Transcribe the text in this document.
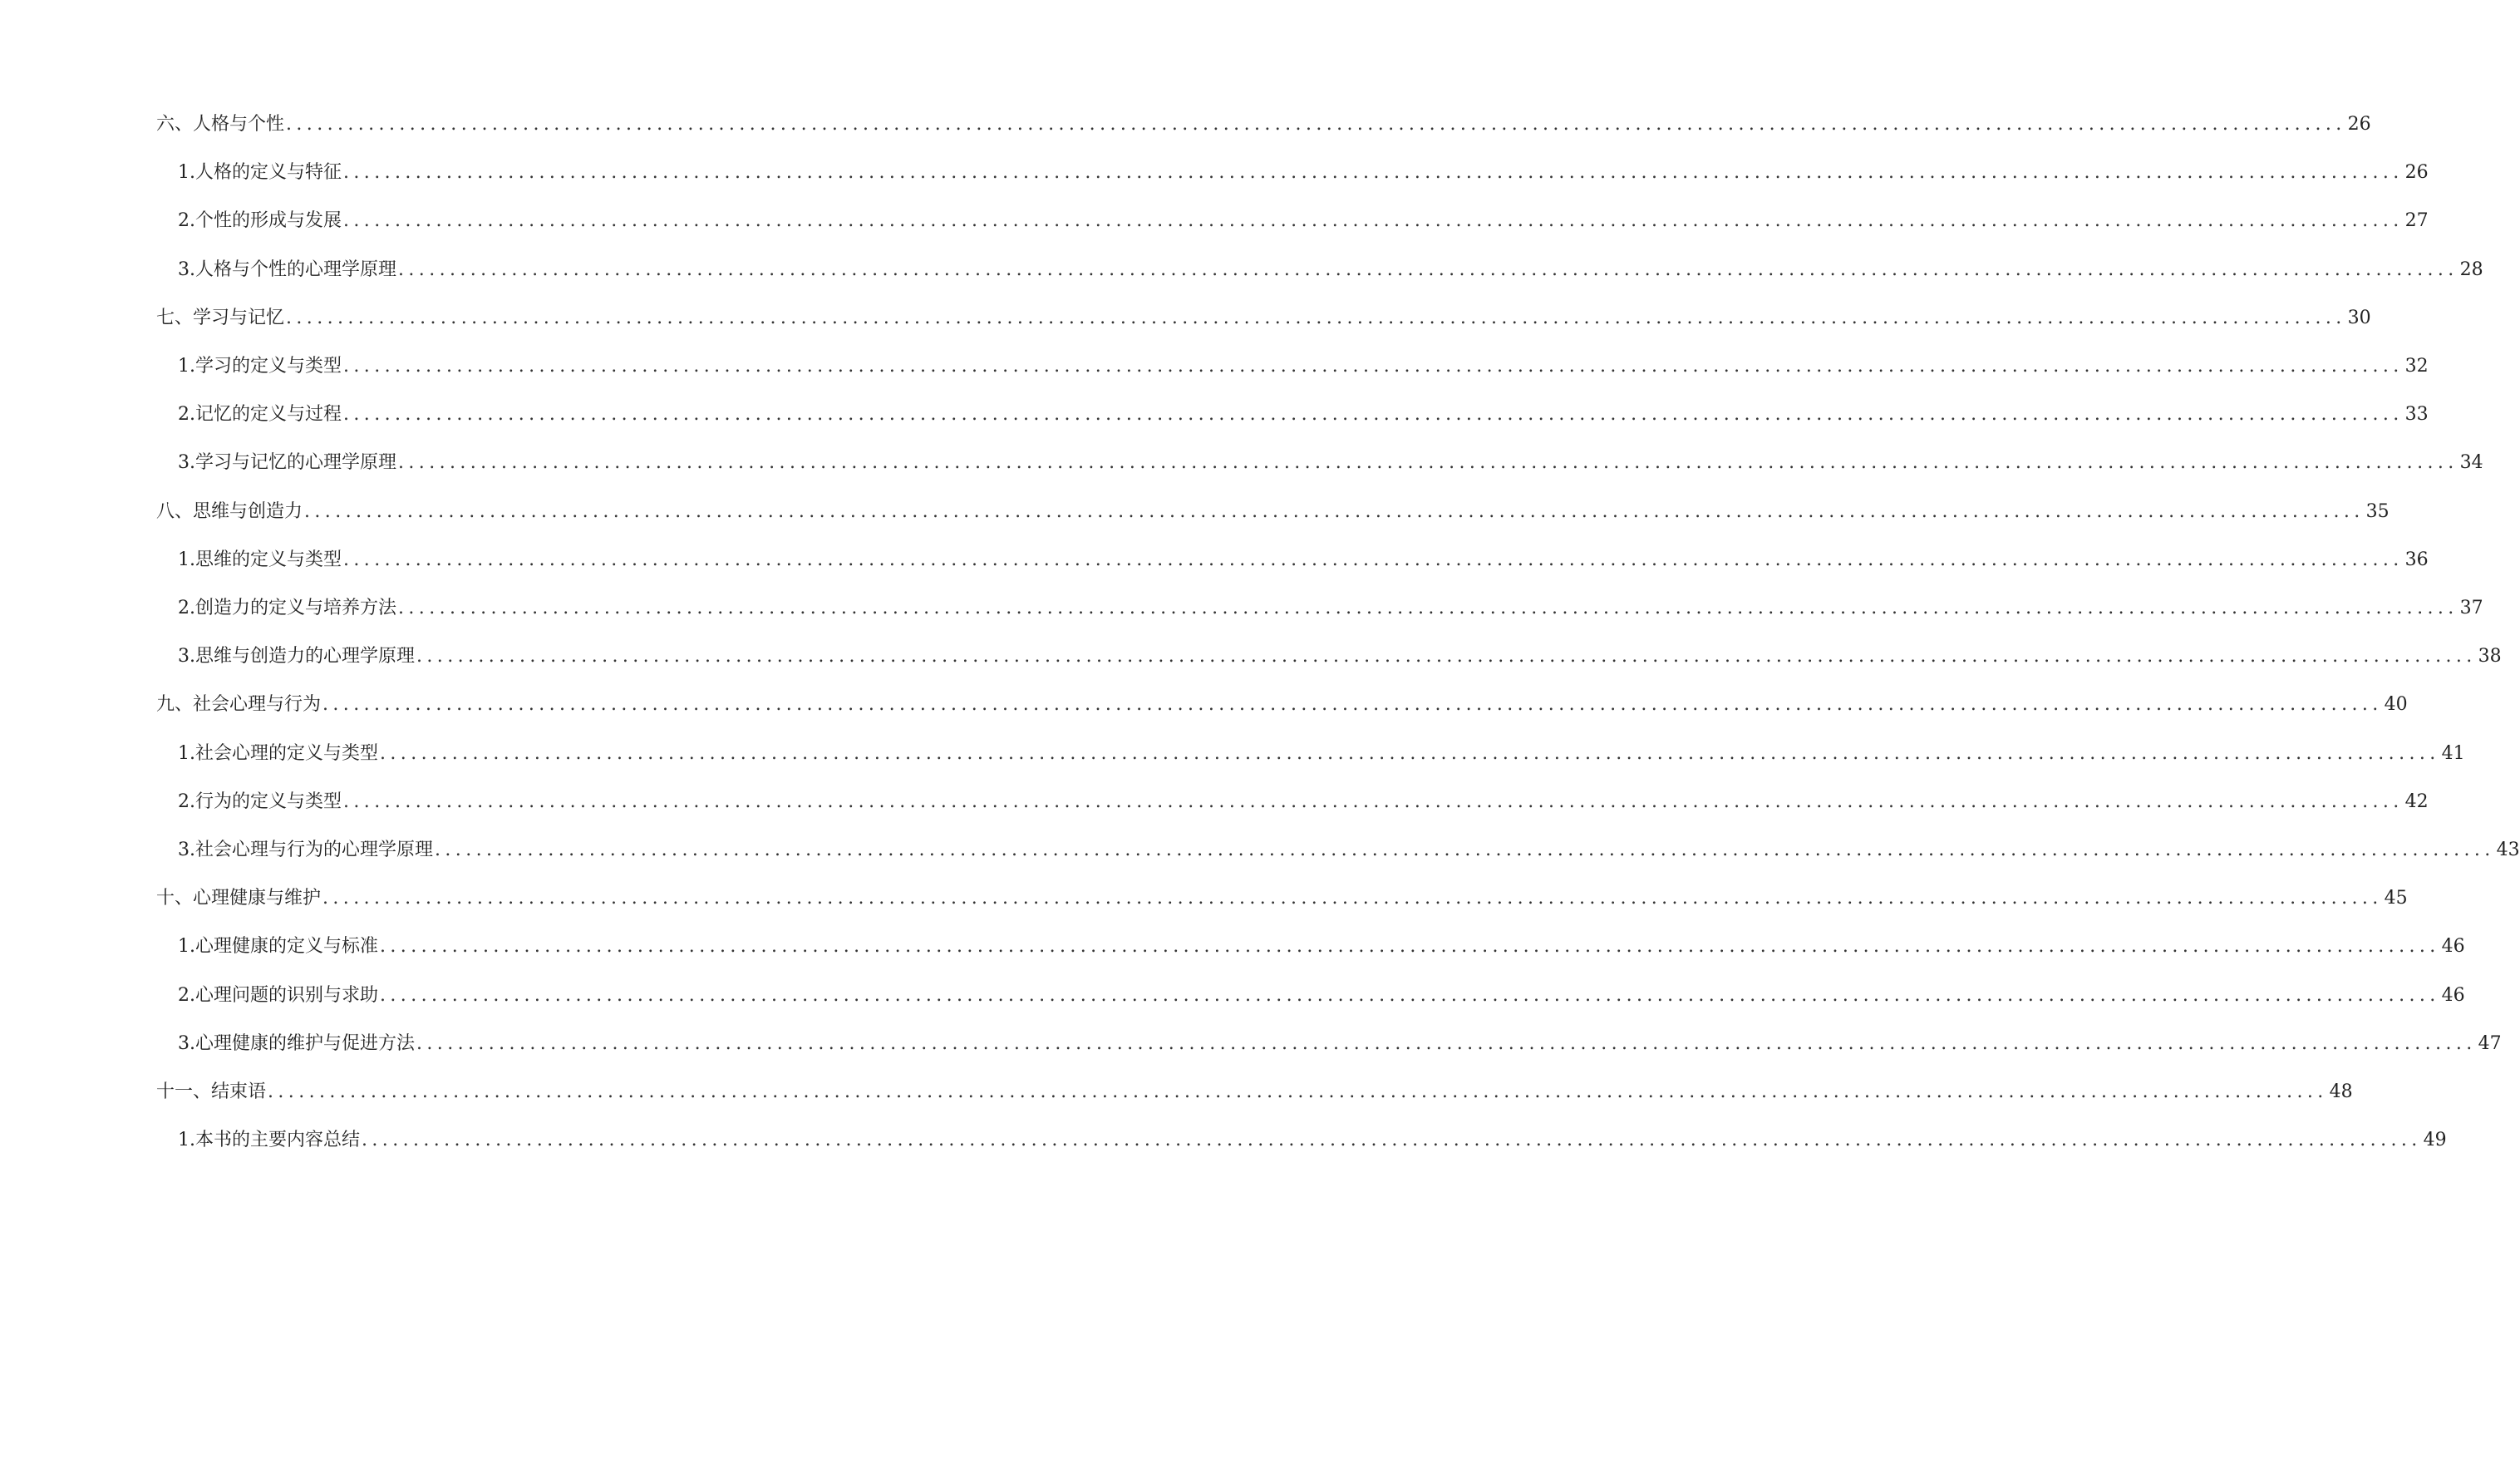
六、人格与个性 ........................................................................................................................................................................................................ 26
1. 人格的定义与特征 ........................................................................................................................................................................................................ 26
2. 个性的形成与发展 ........................................................................................................................................................................................................ 27
3. 人格与个性的心理学原理 ........................................................................................................................................................................................................ 28
七、学习与记忆 ........................................................................................................................................................................................................ 30
1. 学习的定义与类型 ........................................................................................................................................................................................................ 32
2. 记忆的定义与过程 ........................................................................................................................................................................................................ 33
3. 学习与记忆的心理学原理 ........................................................................................................................................................................................................ 34
八、思维与创造力 ........................................................................................................................................................................................................ 35
1. 思维的定义与类型 ........................................................................................................................................................................................................ 36
2. 创造力的定义与培养方法 ........................................................................................................................................................................................................ 37
3. 思维与创造力的心理学原理 ........................................................................................................................................................................................................ 38
九、社会心理与行为 ........................................................................................................................................................................................................ 40
1. 社会心理的定义与类型 ........................................................................................................................................................................................................ 41
2. 行为的定义与类型 ........................................................................................................................................................................................................ 42
3. 社会心理与行为的心理学原理 ........................................................................................................................................................................................................ 43
十、心理健康与维护 ........................................................................................................................................................................................................ 45
1. 心理健康的定义与标准 ........................................................................................................................................................................................................ 46
2. 心理问题的识别与求助 ........................................................................................................................................................................................................ 46
3. 心理健康的维护与促进方法 ........................................................................................................................................................................................................ 47
十一、结束语 ........................................................................................................................................................................................................ 48
1. 本书的主要内容总结 ........................................................................................................................................................................................................ 49
